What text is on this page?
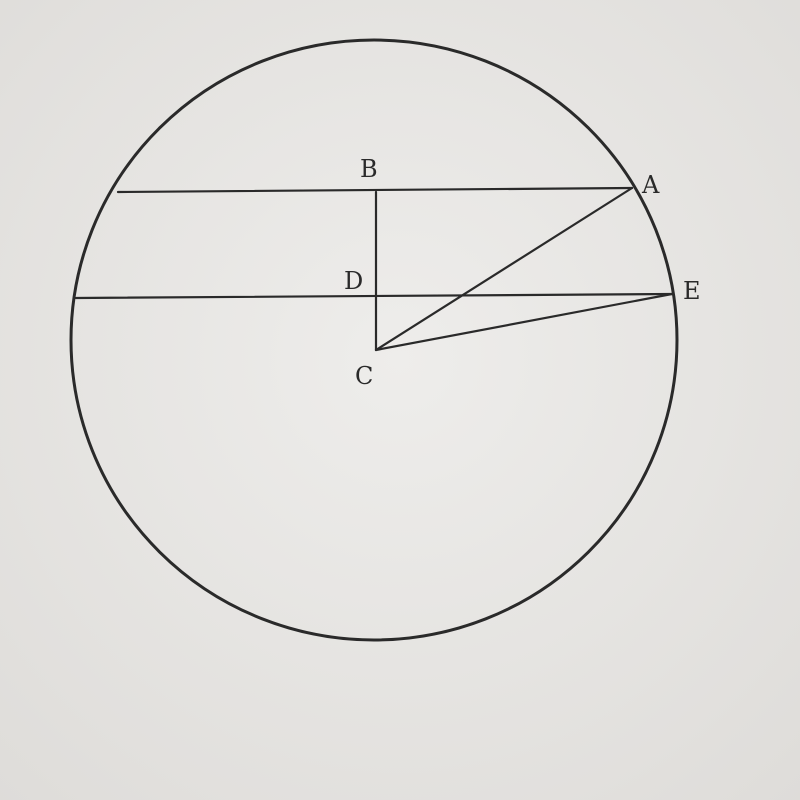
B
A
D	E
C
